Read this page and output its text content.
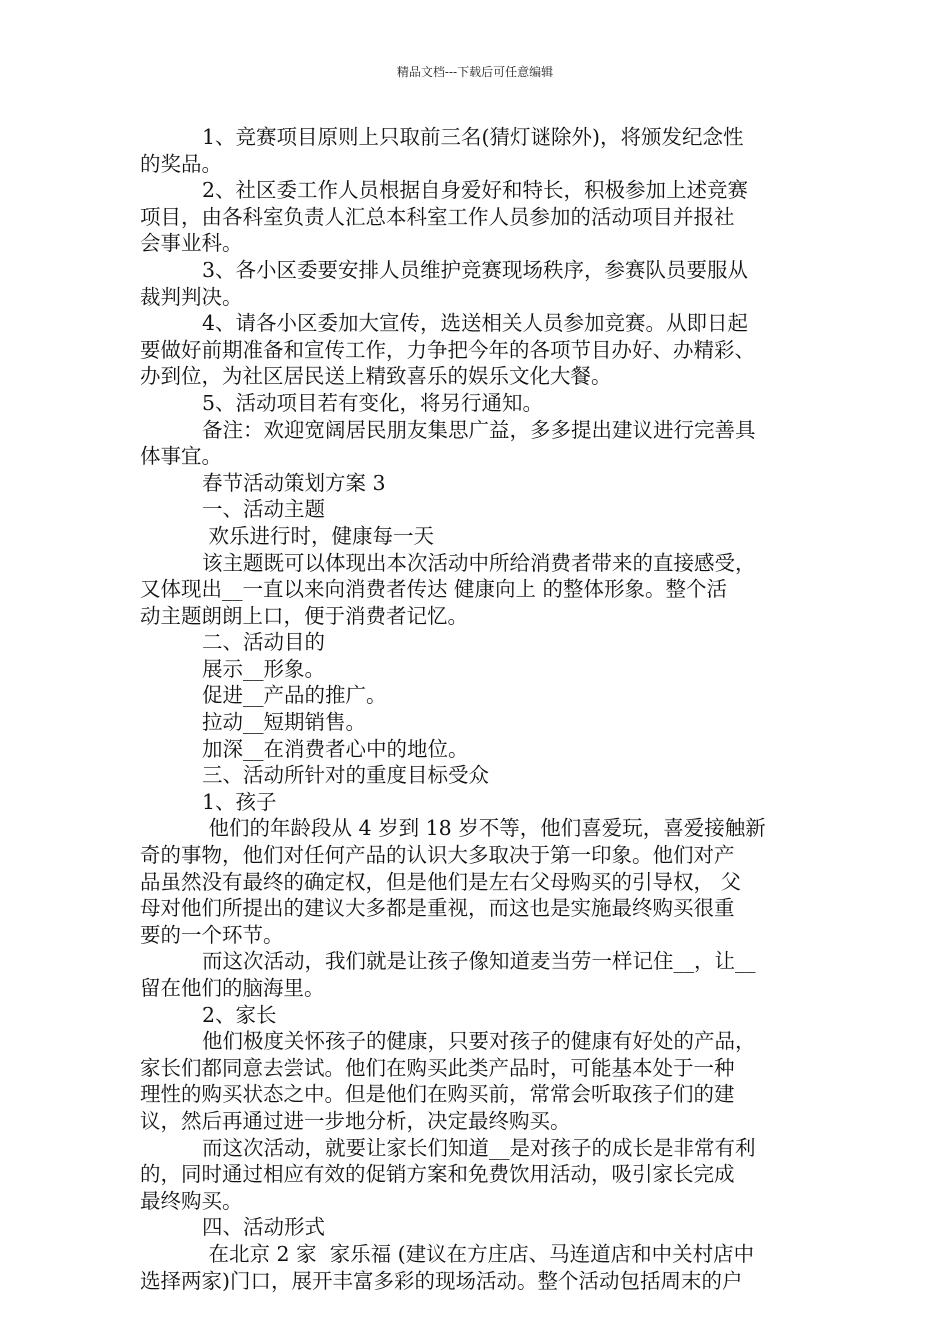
精品文档---下载后可任意编辑
1、竞赛项目原则上只取前三名(猜灯谜除外)，将颁发纪念性
的奖品。
2、社区委工作人员根据自身爱好和特长，积极参加上述竞赛
项目，由各科室负责人汇总本科室工作人员参加的活动项目并报社
会事业科。
3、各小区委要安排人员维护竞赛现场秩序，参赛队员要服从
裁判判决。
4、请各小区委加大宣传，选送相关人员参加竞赛。从即日起
要做好前期准备和宣传工作，力争把今年的各项节目办好、办精彩、
办到位，为社区居民送上精致喜乐的娱乐文化大餐。
5、活动项目若有变化，将另行通知。
备注：欢迎宽阔居民朋友集思广益，多多提出建议进行完善具
体事宜。
春节活动策划方案 3
一、活动主题
欢乐进行时，健康每一天
该主题既可以体现出本次活动中所给消费者带来的直接感受，
又体现出__一直以来向消费者传达 健康向上 的整体形象。整个活
动主题朗朗上口，便于消费者记忆。
二、活动目的
展示__形象。
促进__产品的推广。
拉动__短期销售。
加深__在消费者心中的地位。
三、活动所针对的重度目标受众
1、孩子
他们的年龄段从 4 岁到 18 岁不等，他们喜爱玩，喜爱接触新
奇的事物，他们对任何产品的认识大多取决于第一印象。他们对产
品虽然没有最终的确定权，但是他们是左右父母购买的引导权， 父
母对他们所提出的建议大多都是重视，而这也是实施最终购买很重
要的一个环节。
而这次活动，我们就是让孩子像知道麦当劳一样记住__，让__
留在他们的脑海里。
2、家长
他们极度关怀孩子的健康，只要对孩子的健康有好处的产品，
家长们都同意去尝试。他们在购买此类产品时，可能基本处于一种
理性的购买状态之中。但是他们在购买前，常常会听取孩子们的建
议，然后再通过进一步地分析，决定最终购买。
而这次活动，就要让家长们知道__是对孩子的成长是非常有利
的，同时通过相应有效的促销方案和免费饮用活动，吸引家长完成
最终购买。
四、活动形式
在北京 2 家  家乐福 (建议在方庄店、马连道店和中关村店中
选择两家)门口，展开丰富多彩的现场活动。整个活动包括周末的户
